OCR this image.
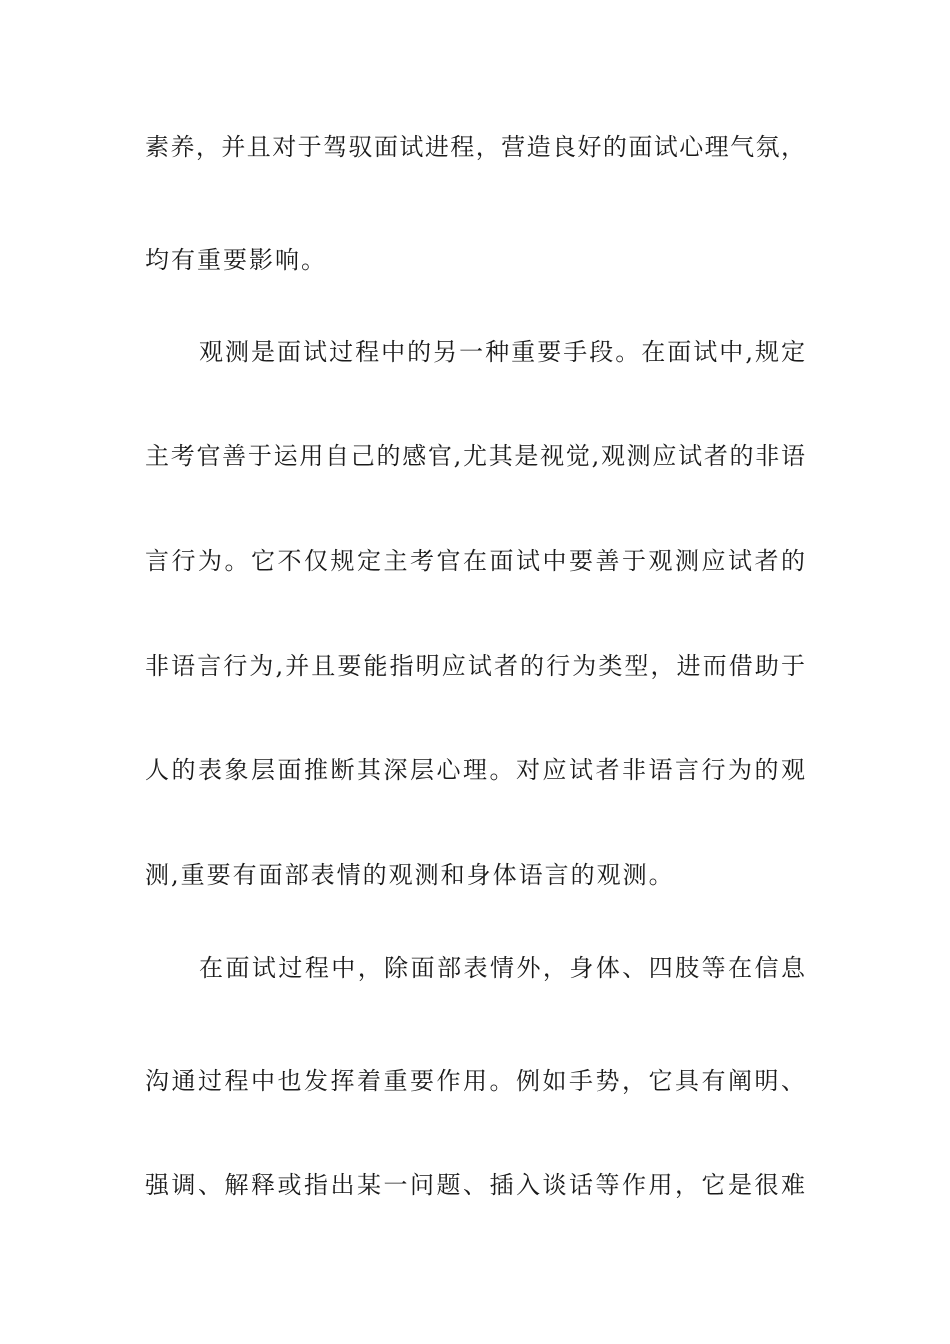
素养，并且对于驾驭面试进程，营造良好的面试心理气氛，
均有重要影响。
观测是面试过程中的另一种重要手段。在面试中,规定
主考官善于运用自己的感官,尤其是视觉,观测应试者的非语
言行为。它不仅规定主考官在面试中要善于观测应试者的
非语言行为,并且要能指明应试者的行为类型，进而借助于
人的表象层面推断其深层心理。对应试者非语言行为的观
测,重要有面部表情的观测和身体语言的观测。
在面试过程中，除面部表情外，身体、四肢等在信息
沟通过程中也发挥着重要作用。例如手势，它具有阐明、
强调、解释或指出某一问题、插入谈话等作用，它是很难
